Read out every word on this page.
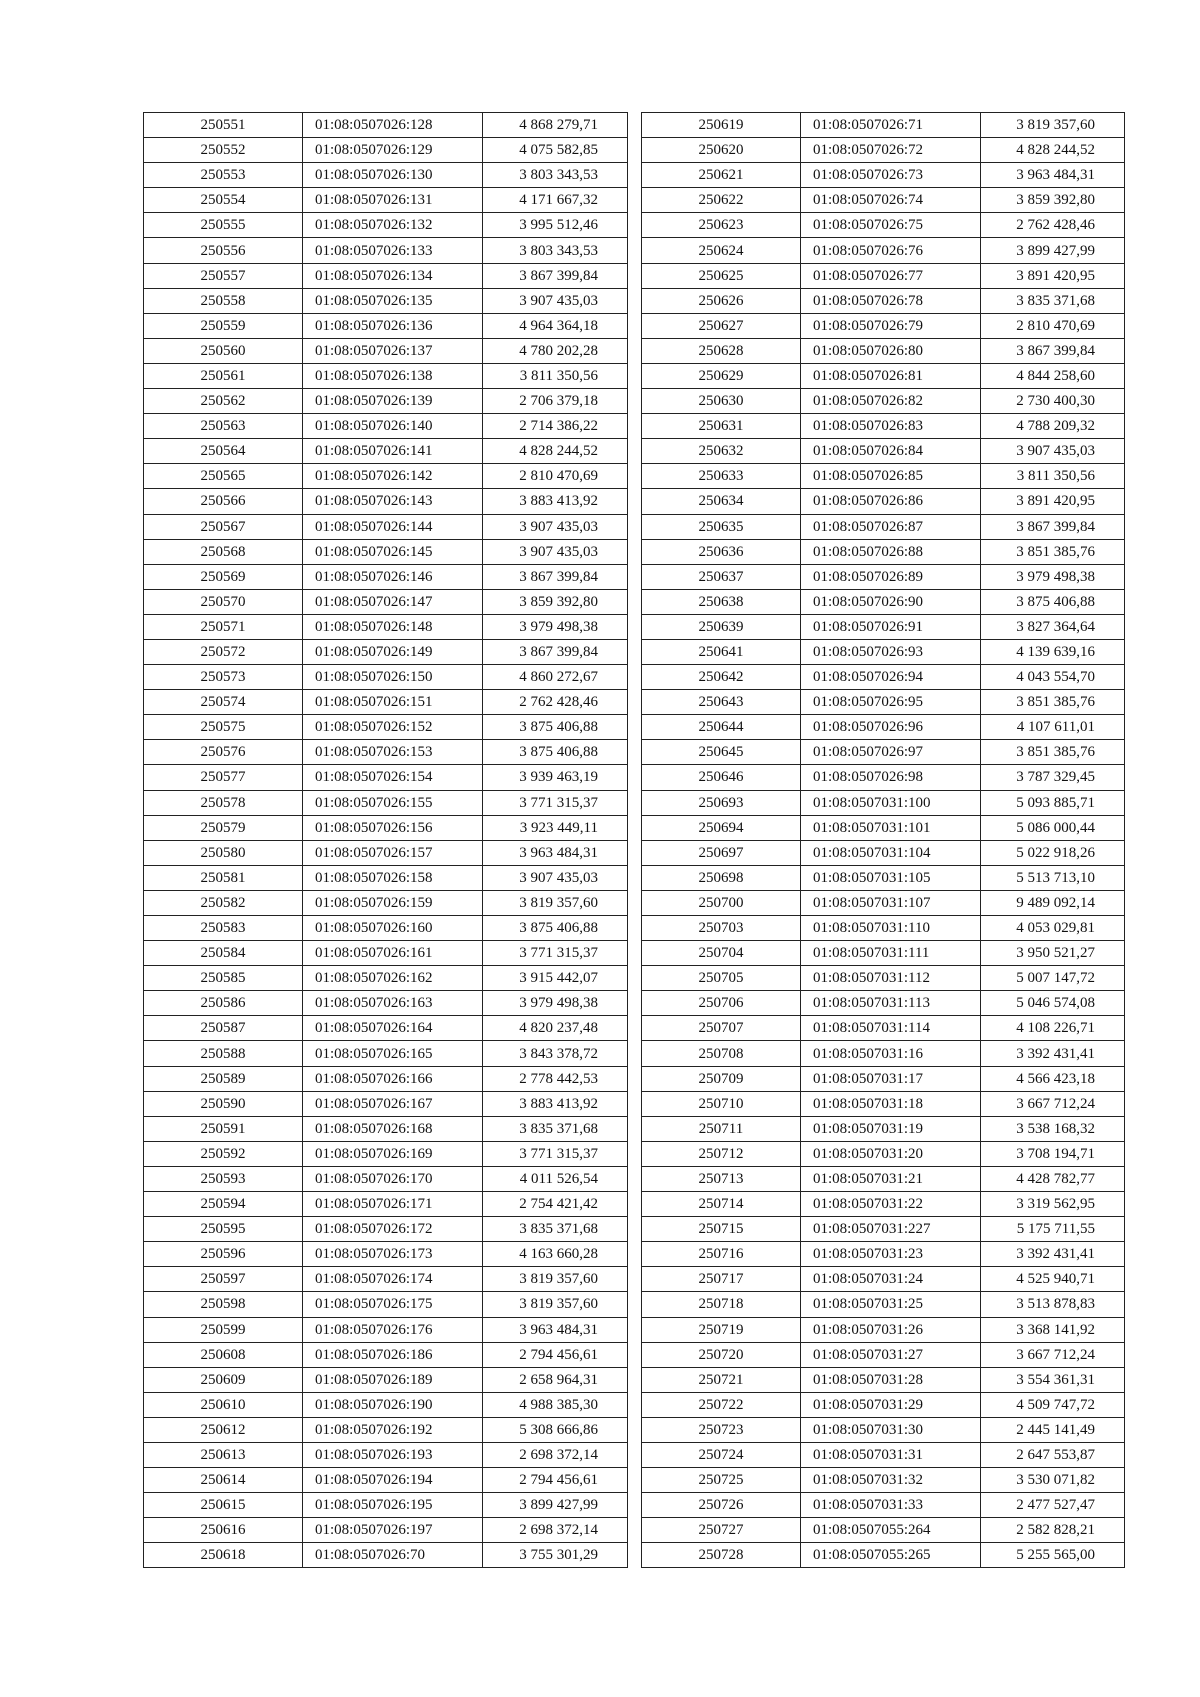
250551	01:08:0507026:128	4 868 279,71
250552	01:08:0507026:129	4 075 582,85
250553	01:08:0507026:130	3 803 343,53
250554	01:08:0507026:131	4 171 667,32
250555	01:08:0507026:132	3 995 512,46
250556	01:08:0507026:133	3 803 343,53
250557	01:08:0507026:134	3 867 399,84
250558	01:08:0507026:135	3 907 435,03
250559	01:08:0507026:136	4 964 364,18
250560	01:08:0507026:137	4 780 202,28
250561	01:08:0507026:138	3 811 350,56
250562	01:08:0507026:139	2 706 379,18
250563	01:08:0507026:140	2 714 386,22
250564	01:08:0507026:141	4 828 244,52
250565	01:08:0507026:142	2 810 470,69
250566	01:08:0507026:143	3 883 413,92
250567	01:08:0507026:144	3 907 435,03
250568	01:08:0507026:145	3 907 435,03
250569	01:08:0507026:146	3 867 399,84
250570	01:08:0507026:147	3 859 392,80
250571	01:08:0507026:148	3 979 498,38
250572	01:08:0507026:149	3 867 399,84
250573	01:08:0507026:150	4 860 272,67
250574	01:08:0507026:151	2 762 428,46
250575	01:08:0507026:152	3 875 406,88
250576	01:08:0507026:153	3 875 406,88
250577	01:08:0507026:154	3 939 463,19
250578	01:08:0507026:155	3 771 315,37
250579	01:08:0507026:156	3 923 449,11
250580	01:08:0507026:157	3 963 484,31
250581	01:08:0507026:158	3 907 435,03
250582	01:08:0507026:159	3 819 357,60
250583	01:08:0507026:160	3 875 406,88
250584	01:08:0507026:161	3 771 315,37
250585	01:08:0507026:162	3 915 442,07
250586	01:08:0507026:163	3 979 498,38
250587	01:08:0507026:164	4 820 237,48
250588	01:08:0507026:165	3 843 378,72
250589	01:08:0507026:166	2 778 442,53
250590	01:08:0507026:167	3 883 413,92
250591	01:08:0507026:168	3 835 371,68
250592	01:08:0507026:169	3 771 315,37
250593	01:08:0507026:170	4 011 526,54
250594	01:08:0507026:171	2 754 421,42
250595	01:08:0507026:172	3 835 371,68
250596	01:08:0507026:173	4 163 660,28
250597	01:08:0507026:174	3 819 357,60
250598	01:08:0507026:175	3 819 357,60
250599	01:08:0507026:176	3 963 484,31
250608	01:08:0507026:186	2 794 456,61
250609	01:08:0507026:189	2 658 964,31
250610	01:08:0507026:190	4 988 385,30
250612	01:08:0507026:192	5 308 666,86
250613	01:08:0507026:193	2 698 372,14
250614	01:08:0507026:194	2 794 456,61
250615	01:08:0507026:195	3 899 427,99
250616	01:08:0507026:197	2 698 372,14
250618	01:08:0507026:70	3 755 301,29
250619	01:08:0507026:71	3 819 357,60
250620	01:08:0507026:72	4 828 244,52
250621	01:08:0507026:73	3 963 484,31
250622	01:08:0507026:74	3 859 392,80
250623	01:08:0507026:75	2 762 428,46
250624	01:08:0507026:76	3 899 427,99
250625	01:08:0507026:77	3 891 420,95
250626	01:08:0507026:78	3 835 371,68
250627	01:08:0507026:79	2 810 470,69
250628	01:08:0507026:80	3 867 399,84
250629	01:08:0507026:81	4 844 258,60
250630	01:08:0507026:82	2 730 400,30
250631	01:08:0507026:83	4 788 209,32
250632	01:08:0507026:84	3 907 435,03
250633	01:08:0507026:85	3 811 350,56
250634	01:08:0507026:86	3 891 420,95
250635	01:08:0507026:87	3 867 399,84
250636	01:08:0507026:88	3 851 385,76
250637	01:08:0507026:89	3 979 498,38
250638	01:08:0507026:90	3 875 406,88
250639	01:08:0507026:91	3 827 364,64
250641	01:08:0507026:93	4 139 639,16
250642	01:08:0507026:94	4 043 554,70
250643	01:08:0507026:95	3 851 385,76
250644	01:08:0507026:96	4 107 611,01
250645	01:08:0507026:97	3 851 385,76
250646	01:08:0507026:98	3 787 329,45
250693	01:08:0507031:100	5 093 885,71
250694	01:08:0507031:101	5 086 000,44
250697	01:08:0507031:104	5 022 918,26
250698	01:08:0507031:105	5 513 713,10
250700	01:08:0507031:107	9 489 092,14
250703	01:08:0507031:110	4 053 029,81
250704	01:08:0507031:111	3 950 521,27
250705	01:08:0507031:112	5 007 147,72
250706	01:08:0507031:113	5 046 574,08
250707	01:08:0507031:114	4 108 226,71
250708	01:08:0507031:16	3 392 431,41
250709	01:08:0507031:17	4 566 423,18
250710	01:08:0507031:18	3 667 712,24
250711	01:08:0507031:19	3 538 168,32
250712	01:08:0507031:20	3 708 194,71
250713	01:08:0507031:21	4 428 782,77
250714	01:08:0507031:22	3 319 562,95
250715	01:08:0507031:227	5 175 711,55
250716	01:08:0507031:23	3 392 431,41
250717	01:08:0507031:24	4 525 940,71
250718	01:08:0507031:25	3 513 878,83
250719	01:08:0507031:26	3 368 141,92
250720	01:08:0507031:27	3 667 712,24
250721	01:08:0507031:28	3 554 361,31
250722	01:08:0507031:29	4 509 747,72
250723	01:08:0507031:30	2 445 141,49
250724	01:08:0507031:31	2 647 553,87
250725	01:08:0507031:32	3 530 071,82
250726	01:08:0507031:33	2 477 527,47
250727	01:08:0507055:264	2 582 828,21
250728	01:08:0507055:265	5 255 565,00
